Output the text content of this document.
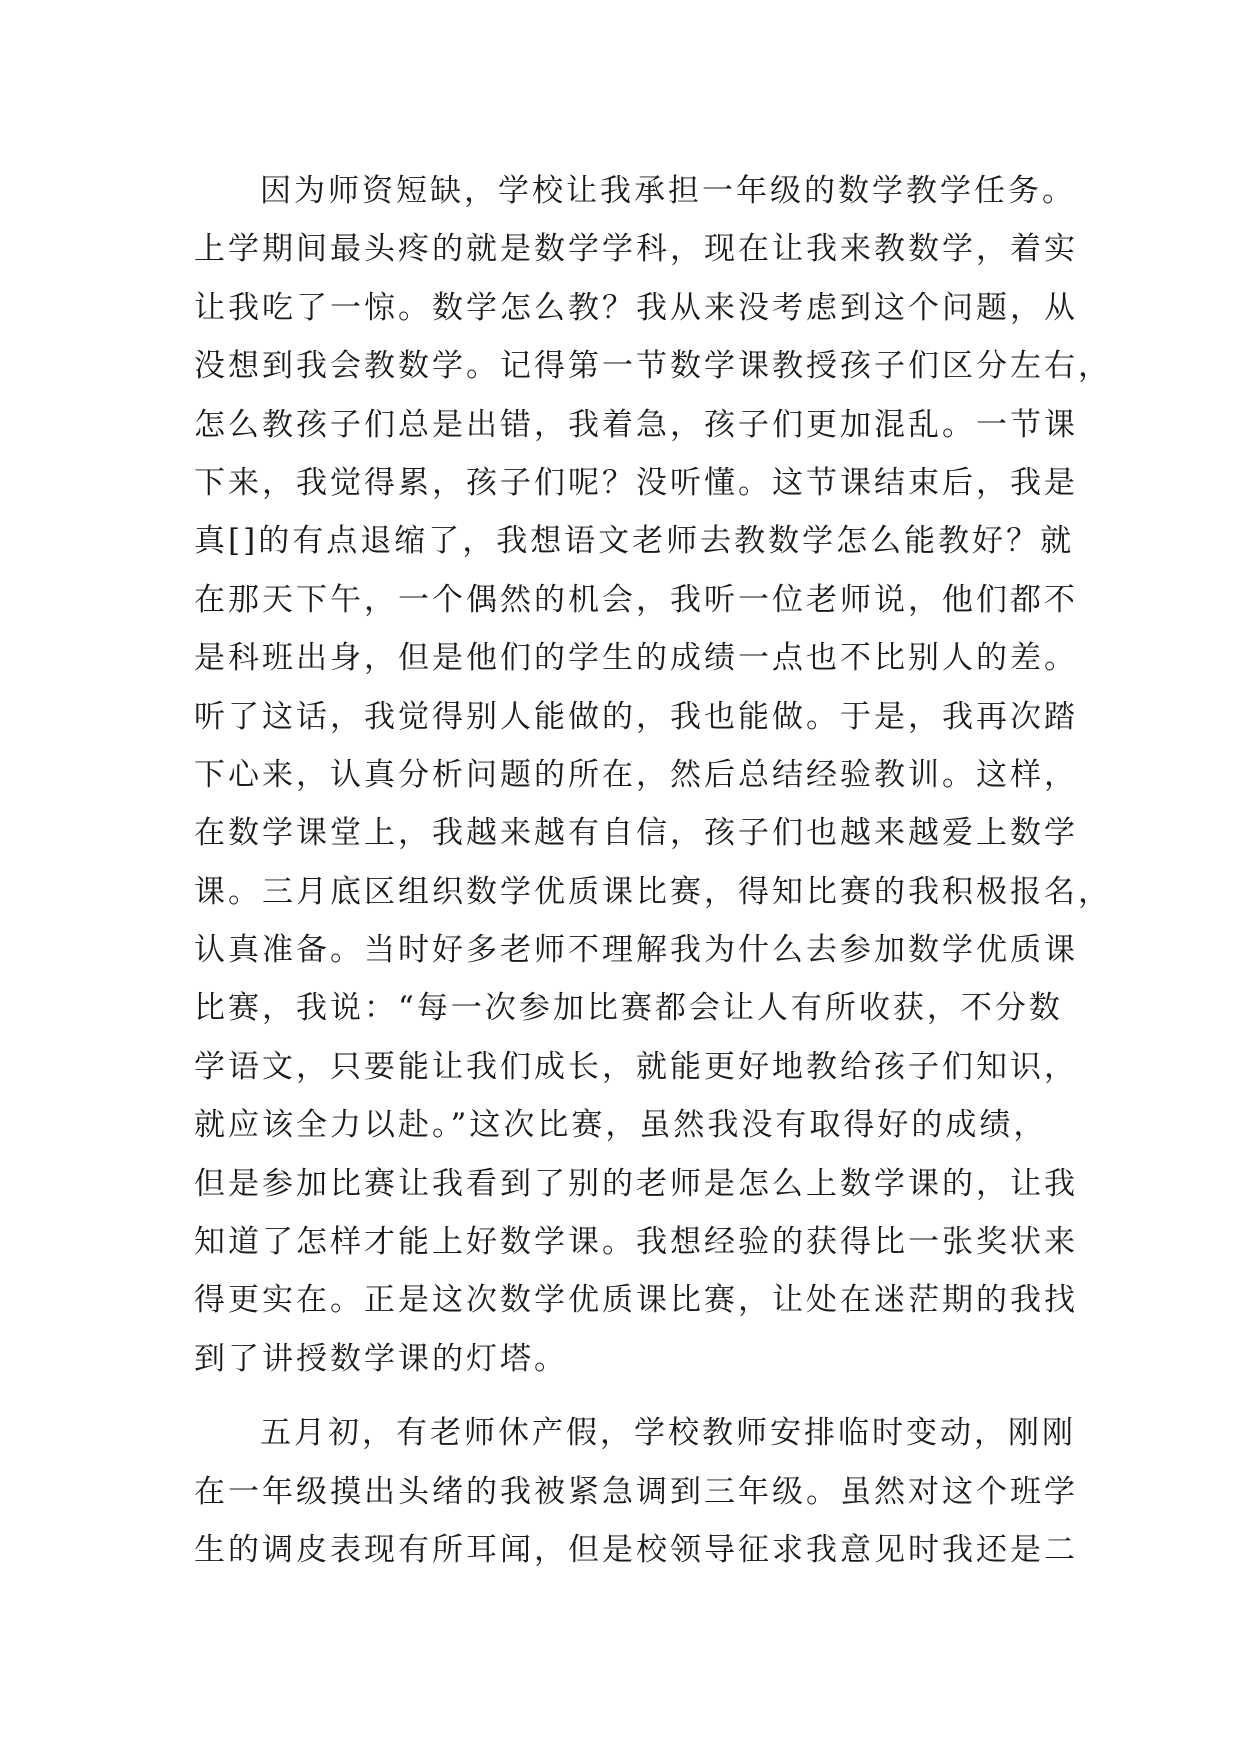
因为师资短缺，学校让我承担一年级的数学教学任务。
上学期间最头疼的就是数学学科，现在让我来教数学，着实
让我吃了一惊。数学怎么教？我从来没考虑到这个问题，从
没想到我会教数学。记得第一节数学课教授孩子们区分左右，
怎么教孩子们总是出错，我着急，孩子们更加混乱。一节课
下来，我觉得累，孩子们呢？没听懂。这节课结束后，我是
真[]的有点退缩了，我想语文老师去教数学怎么能教好？就
在那天下午，一个偶然的机会，我听一位老师说，他们都不
是科班出身，但是他们的学生的成绩一点也不比别人的差。
听了这话，我觉得别人能做的，我也能做。于是，我再次踏
下心来，认真分析问题的所在，然后总结经验教训。这样，
在数学课堂上，我越来越有自信，孩子们也越来越爱上数学
课。三月底区组织数学优质课比赛，得知比赛的我积极报名，
认真准备。当时好多老师不理解我为什么去参加数学优质课
比赛，我说：“每一次参加比赛都会让人有所收获，不分数
学语文，只要能让我们成长，就能更好地教给孩子们知识，
就应该全力以赴。”这次比赛，虽然我没有取得好的成绩，
但是参加比赛让我看到了别的老师是怎么上数学课的，让我
知道了怎样才能上好数学课。我想经验的获得比一张奖状来
得更实在。正是这次数学优质课比赛，让处在迷茫期的我找
到了讲授数学课的灯塔。
五月初，有老师休产假，学校教师安排临时变动，刚刚
在一年级摸出头绪的我被紧急调到三年级。虽然对这个班学
生的调皮表现有所耳闻，但是校领导征求我意见时我还是二
